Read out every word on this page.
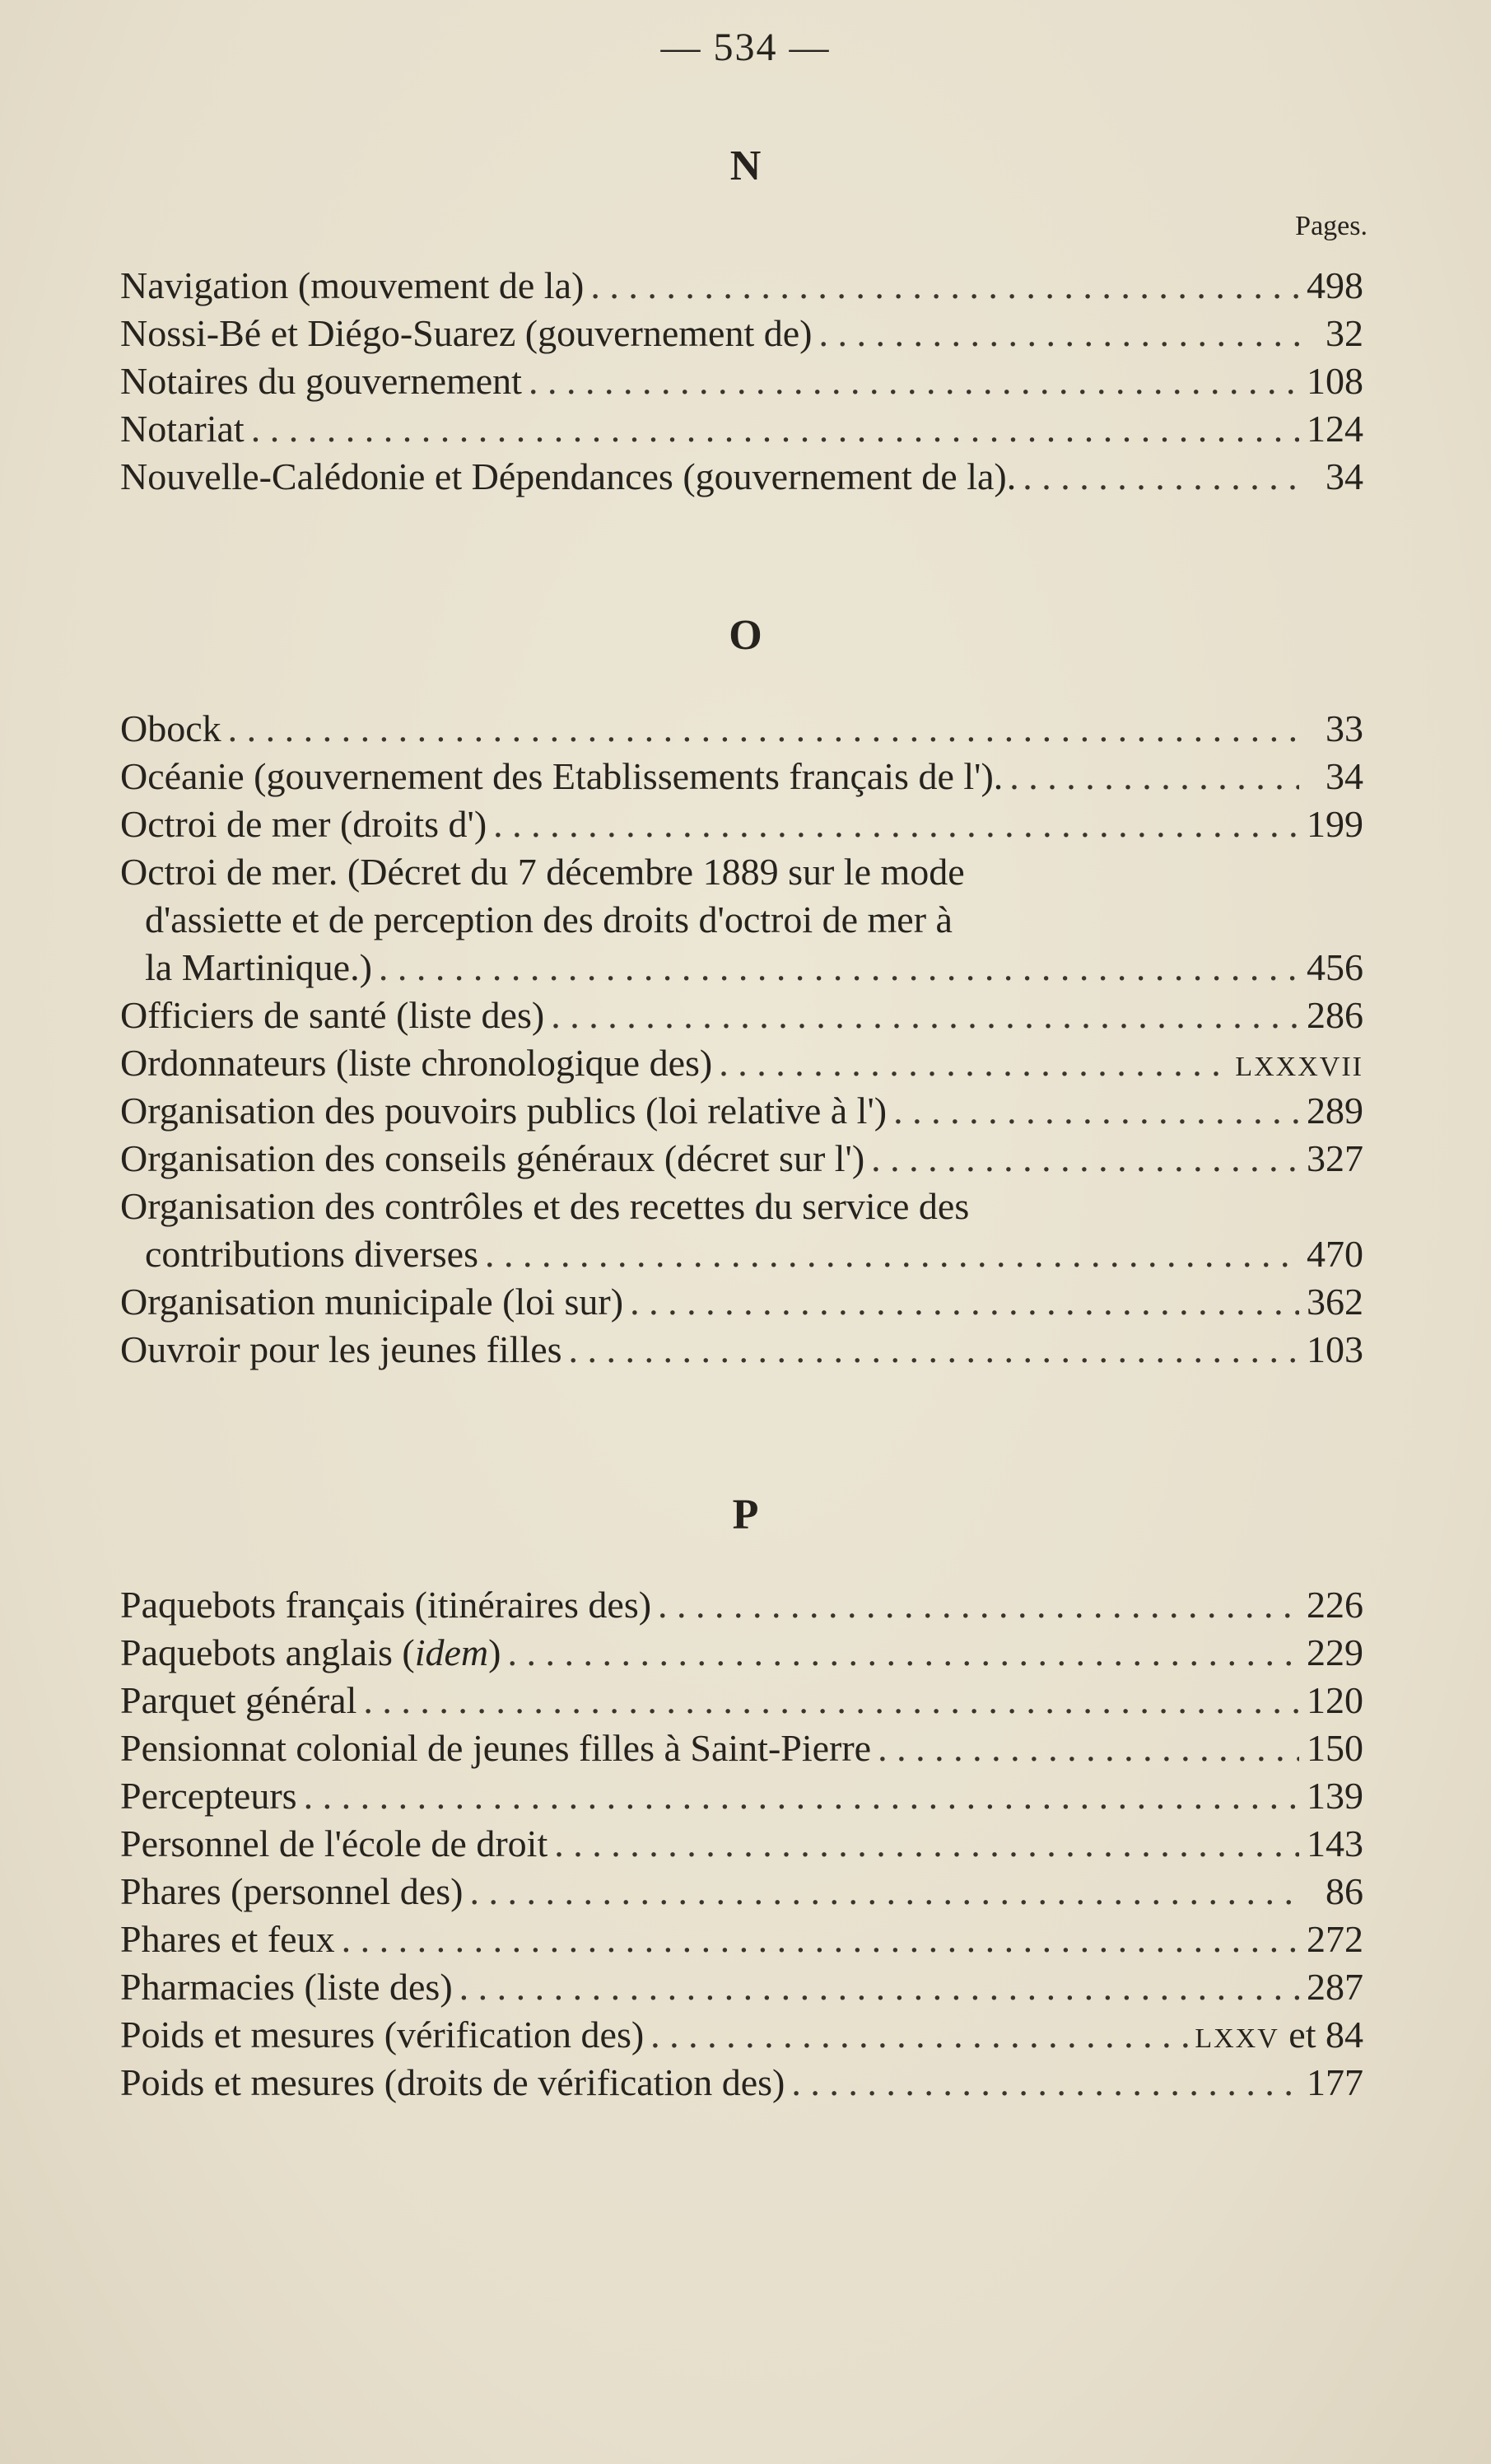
— 534 —
N
Pages.
Navigation (mouvement de la) . . .	498
Nossi-Bé et Diégo-Suarez (gouvernement de) . . .	32
Notaires du gouvernement . . .	108
Notariat . . .	124
Nouvelle-Calédonie et Dépendances (gouvernement de la). . . .	34
O
Obock . . .	33
Océanie (gouvernement des Etablissements français de l'). . . .	34
Octroi de mer (droits d') . . .	199
Octroi de mer. (Décret du 7 décembre 1889 sur le mode
d'assiette et de perception des droits d'octroi de mer à
la Martinique.) . . .	456
Officiers de santé (liste des) . . .	286
Ordonnateurs (liste chronologique des) . . .	LXXXVII
Organisation des pouvoirs publics (loi relative à l') . . .	289
Organisation des conseils généraux (décret sur l') . . .	327
Organisation des contrôles et des recettes du service des
contributions diverses . . .	470
Organisation municipale (loi sur) . . .	362
Ouvroir pour les jeunes filles . . .	103
P
Paquebots français (itinéraires des) . . .	226
Paquebots anglais (idem) . . .	229
Parquet général . . .	120
Pensionnat colonial de jeunes filles à Saint-Pierre . . .	150
Percepteurs . . .	139
Personnel de l'école de droit . . .	143
Phares (personnel des) . . .	86
Phares et feux . . .	272
Pharmacies (liste des) . . .	287
Poids et mesures (vérification des) . . .	LXXV et 84
Poids et mesures (droits de vérification des) . . .	177
